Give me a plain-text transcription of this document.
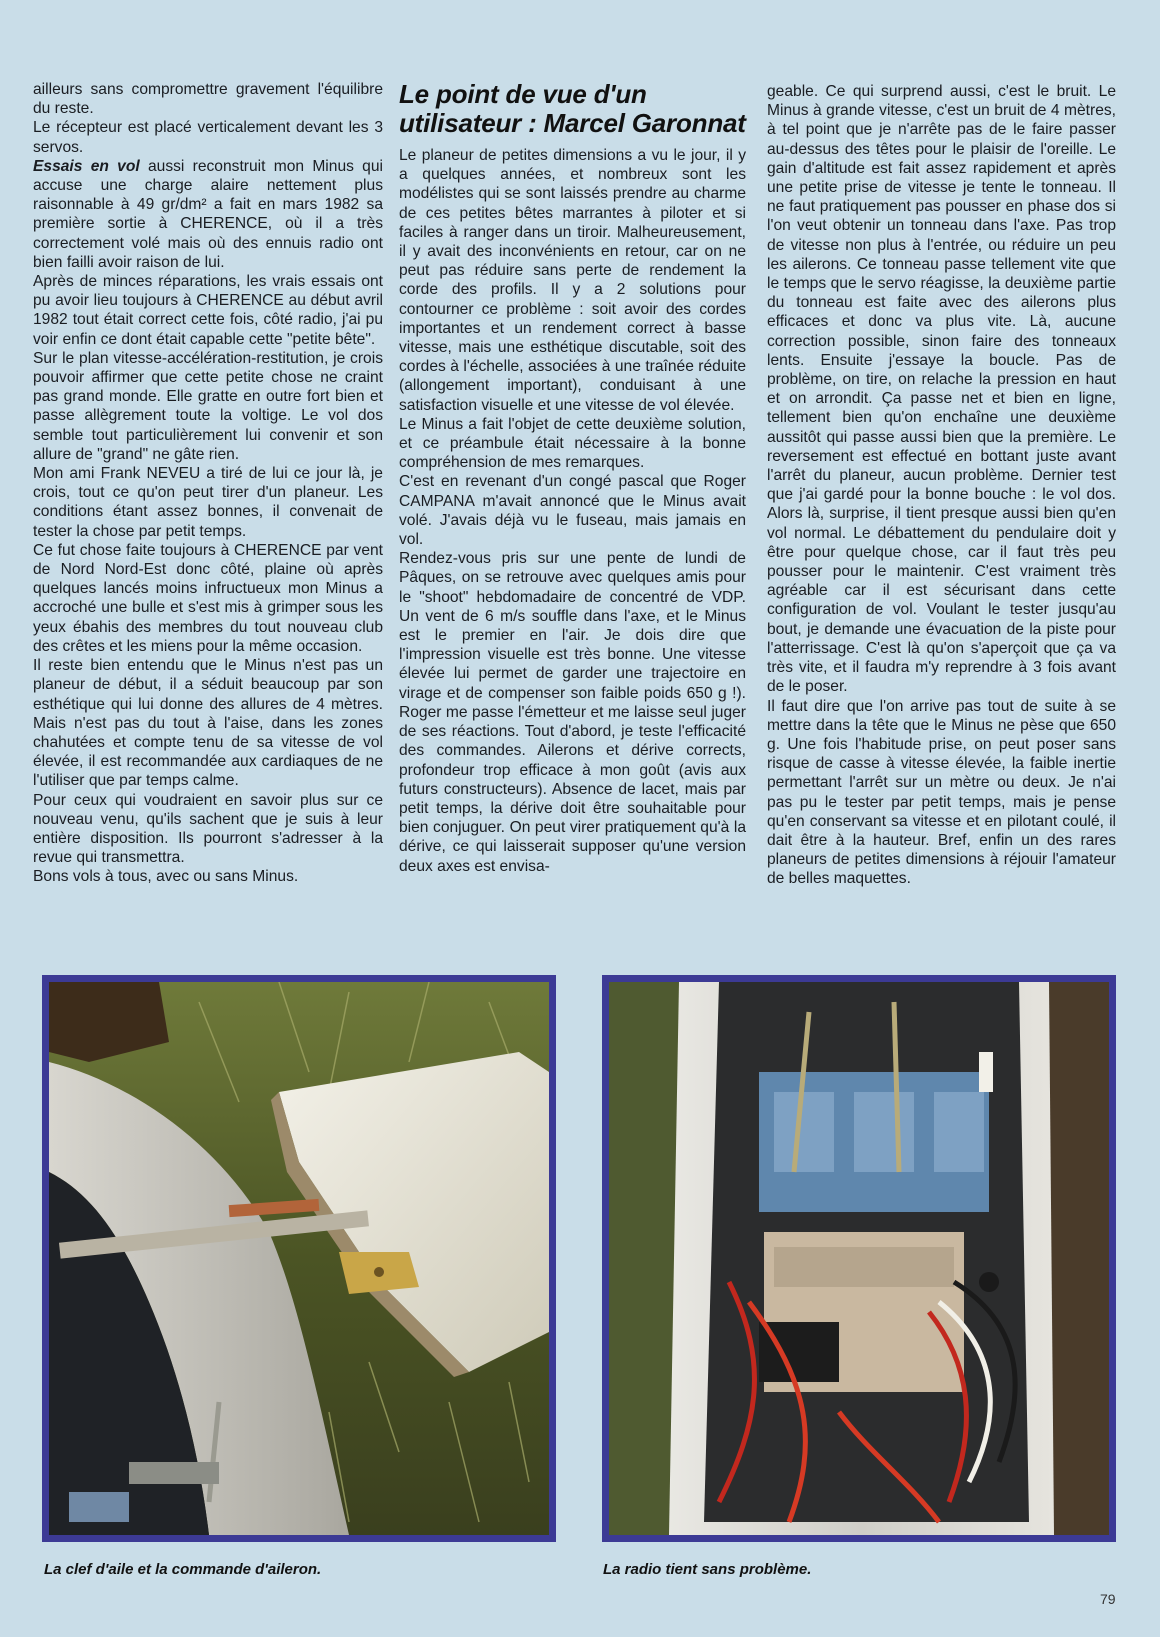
ailleurs sans compromettre gravement l'équilibre du reste.

Le récepteur est placé verticalement devant les 3 servos.

Essais en vol aussi reconstruit mon Minus qui accuse une charge alaire nettement plus raisonnable à 49 gr/dm² a fait en mars 1982 sa première sortie à CHERENCE, où il a très correctement volé mais où des ennuis radio ont bien failli avoir raison de lui.

Après de minces réparations, les vrais essais ont pu avoir lieu toujours à CHERENCE au début avril 1982 tout était correct cette fois, côté radio, j'ai pu voir enfin ce dont était capable cette "petite bête".

Sur le plan vitesse-accélération-restitution, je crois pouvoir affirmer que cette petite chose ne craint pas grand monde. Elle gratte en outre fort bien et passe allègrement toute la voltige. Le vol dos semble tout particulièrement lui convenir et son allure de "grand" ne gâte rien.

Mon ami Frank NEVEU a tiré de lui ce jour là, je crois, tout ce qu'on peut tirer d'un planeur. Les conditions étant assez bonnes, il convenait de tester la chose par petit temps.

Ce fut chose faite toujours à CHERENCE par vent de Nord Nord-Est donc côté, plaine où après quelques lancés moins infructueux mon Minus a accroché une bulle et s'est mis à grimper sous les yeux ébahis des membres du tout nouveau club des crêtes et les miens pour la même occasion.

Il reste bien entendu que le Minus n'est pas un planeur de début, il a séduit beaucoup par son esthétique qui lui donne des allures de 4 mètres. Mais n'est pas du tout à l'aise, dans les zones chahutées et compte tenu de sa vitesse de vol élevée, il est recommandée aux cardiaques de ne l'utiliser que par temps calme.

Pour ceux qui voudraient en savoir plus sur ce nouveau venu, qu'ils sachent que je suis à leur entière disposition. Ils pourront s'adresser à la revue qui transmettra.

Bons vols à tous, avec ou sans Minus.

Le point de vue d'un utilisateur : Marcel Garonnat

Le planeur de petites dimensions a vu le jour, il y a quelques années, et nombreux sont les modélistes qui se sont laissés prendre au charme de ces petites bêtes marrantes à piloter et si faciles à ranger dans un tiroir. Malheureusement, il y avait des inconvénients en retour, car on ne peut pas réduire sans perte de rendement la corde des profils. Il y a 2 solutions pour contourner ce problème : soit avoir des cordes importantes et un rendement correct à basse vitesse, mais une esthétique discutable, soit des cordes à l'échelle, associées à une traînée réduite (allongement important), conduisant à une satisfaction visuelle et une vitesse de vol élevée.

Le Minus a fait l'objet de cette deuxième solution, et ce préambule était nécessaire à la bonne compréhension de mes remarques.

C'est en revenant d'un congé pascal que Roger CAMPANA m'avait annoncé que le Minus avait volé. J'avais déjà vu le fuseau, mais jamais en vol.

Rendez-vous pris sur une pente de lundi de Pâques, on se retrouve avec quelques amis pour le "shoot" hebdomadaire de concentré de VDP. Un vent de 6 m/s souffle dans l'axe, et le Minus est le premier en l'air. Je dois dire que l'impression visuelle est très bonne. Une vitesse élevée lui permet de garder une trajectoire en virage et de compenser son faible poids 650 g !). Roger me passe l'émetteur et me laisse seul juger de ses réactions. Tout d'abord, je teste l'efficacité des commandes. Ailerons et dérive corrects, profondeur trop efficace à mon goût (avis aux futurs constructeurs). Absence de lacet, mais par petit temps, la dérive doit être souhaitable pour bien conjuguer. On peut virer pratiquement qu'à la dérive, ce qui laisserait supposer qu'une version deux axes est envisa-

geable. Ce qui surprend aussi, c'est le bruit. Le Minus à grande vitesse, c'est un bruit de 4 mètres, à tel point que je n'arrête pas de le faire passer au-dessus des têtes pour le plaisir de l'oreille. Le gain d'altitude est fait assez rapidement et après une petite prise de vitesse je tente le tonneau. Il ne faut pratiquement pas pousser en phase dos si l'on veut obtenir un tonneau dans l'axe. Pas trop de vitesse non plus à l'entrée, ou réduire un peu les ailerons. Ce tonneau passe tellement vite que le temps que le servo réagisse, la deuxième partie du tonneau est faite avec des ailerons plus efficaces et donc va plus vite. Là, aucune correction possible, sinon faire des tonneaux lents. Ensuite j'essaye la boucle. Pas de problème, on tire, on relache la pression en haut et on arrondit. Ça passe net et bien en ligne, tellement bien qu'on enchaîne une deuxième aussitôt qui passe aussi bien que la première. Le reversement est effectué en bottant juste avant l'arrêt du planeur, aucun problème. Dernier test que j'ai gardé pour la bonne bouche : le vol dos. Alors là, surprise, il tient presque aussi bien qu'en vol normal. Le débattement du pendulaire doit y être pour quelque chose, car il faut très peu pousser pour le maintenir. C'est vraiment très agréable car il est sécurisant dans cette configuration de vol. Voulant le tester jusqu'au bout, je demande une évacuation de la piste pour l'atterrissage. C'est là qu'on s'aperçoit que ça va très vite, et il faudra m'y reprendre à 3 fois avant de le poser.

Il faut dire que l'on arrive pas tout de suite à se mettre dans la tête que le Minus ne pèse que 650 g. Une fois l'habitude prise, on peut poser sans risque de casse à vitesse élevée, la faible inertie permettant l'arrêt sur un mètre ou deux. Je n'ai pas pu le tester par petit temps, mais je pense qu'en conservant sa vitesse et en pilotant coulé, il dait être à la hauteur. Bref, enfin un des rares planeurs de petites dimensions à réjouir l'amateur de belles maquettes.

La clef d'aile et la commande d'aileron.	La radio tient sans problème.
79
